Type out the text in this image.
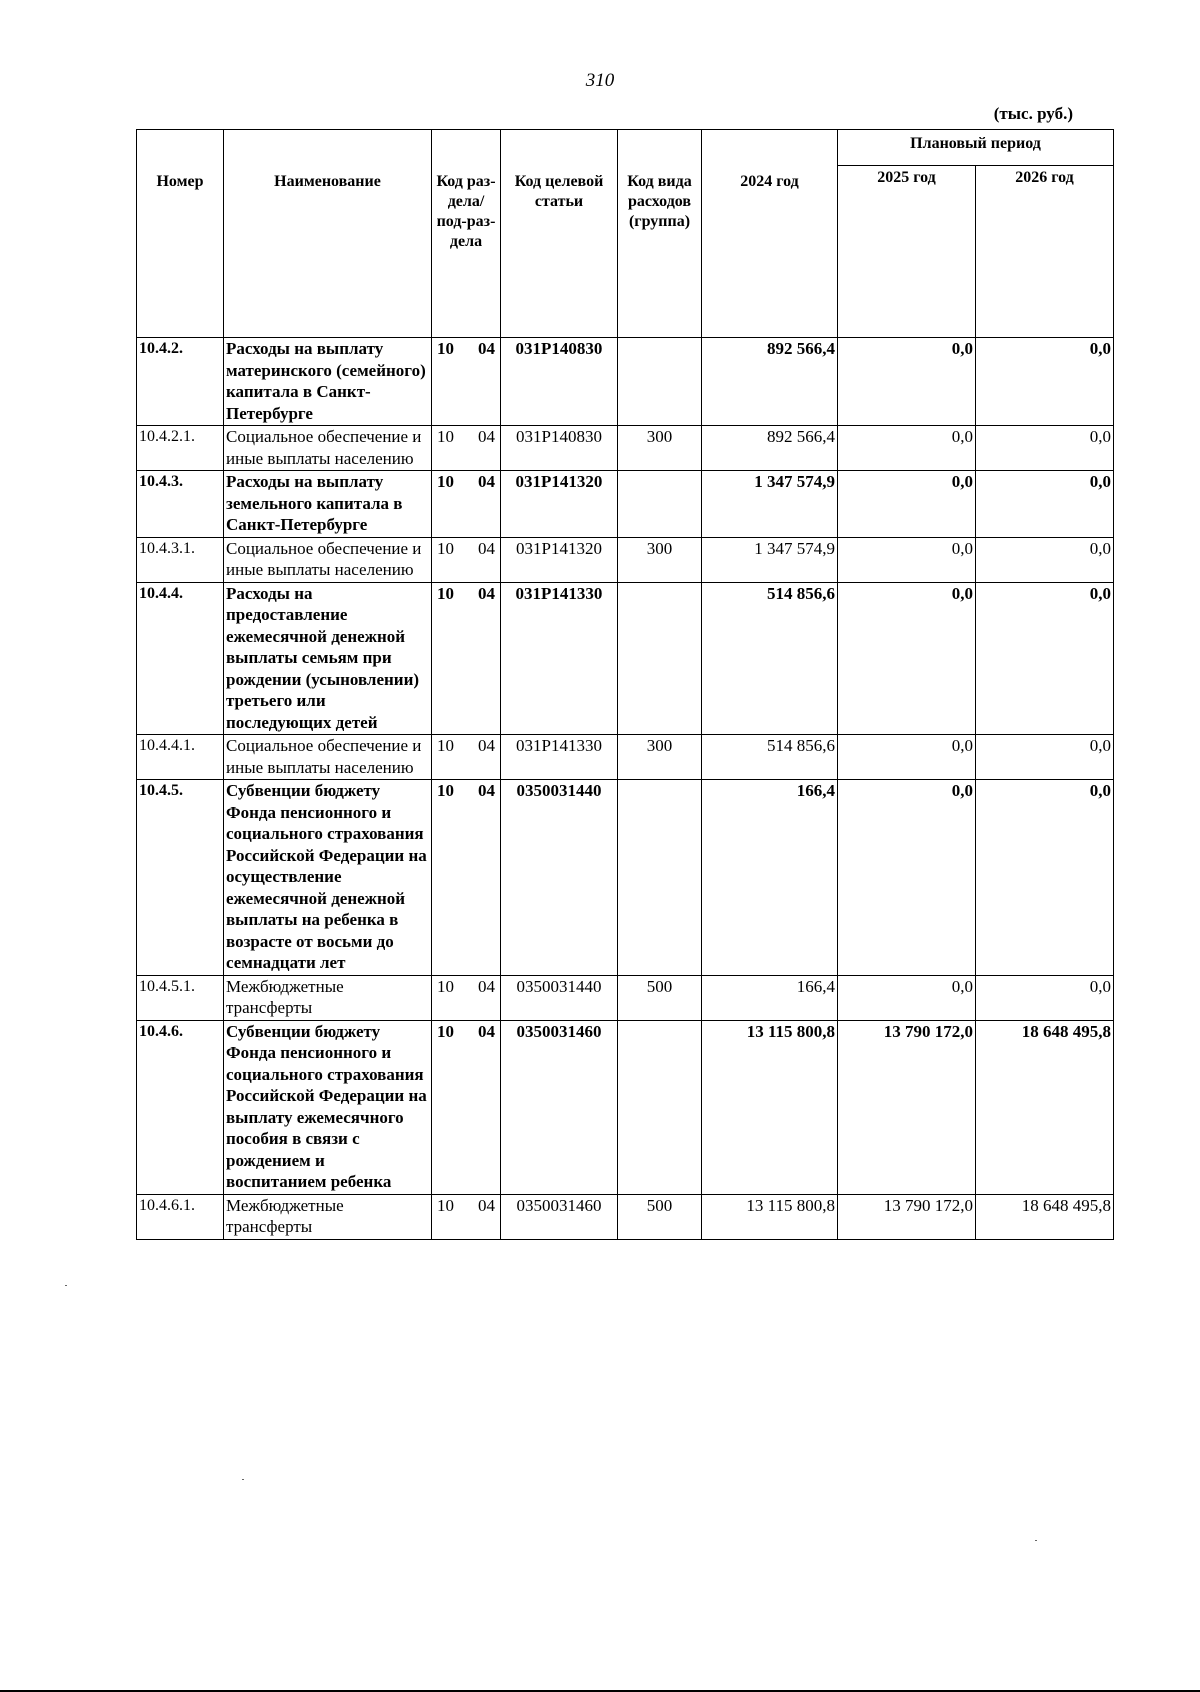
310
(тыс. руб.)
Номер	Наименование	Код раз-дела/ под-раз-дела	Код целевой статьи	Код вида расходов (группа)	2024 год	Плановый период	
						2025 год	2026 год
10.4.2.	Расходы на выплату материнского (семейного) капитала в Санкт-Петербурге	10 04	031P140830		892 566,4	0,0	0,0
10.4.2.1.	Социальное обеспечение и иные выплаты населению	10 04	031P140830	300	892 566,4	0,0	0,0
10.4.3.	Расходы на выплату земельного капитала в Санкт-Петербурге	10 04	031P141320		1 347 574,9	0,0	0,0
10.4.3.1.	Социальное обеспечение и иные выплаты населению	10 04	031P141320	300	1 347 574,9	0,0	0,0
10.4.4.	Расходы на предоставление ежемесячной денежной выплаты семьям при рождении (усыновлении) третьего или последующих детей	10 04	031P141330		514 856,6	0,0	0,0
10.4.4.1.	Социальное обеспечение и иные выплаты населению	10 04	031P141330	300	514 856,6	0,0	0,0
10.4.5.	Субвенции бюджету Фонда пенсионного и социального страхования Российской Федерации на осуществление ежемесячной денежной выплаты на ребенка в возрасте от восьми до семнадцати лет	10 04	0350031440		166,4	0,0	0,0
10.4.5.1.	Межбюджетные трансферты	10 04	0350031440	500	166,4	0,0	0,0
10.4.6.	Субвенции бюджету Фонда пенсионного и социального страхования Российской Федерации на выплату ежемесячного пособия в связи с рождением и воспитанием ребенка	10 04	0350031460		13 115 800,8	13 790 172,0	18 648 495,8
10.4.6.1.	Межбюджетные трансферты	10 04	0350031460	500	13 115 800,8	13 790 172,0	18 648 495,8
